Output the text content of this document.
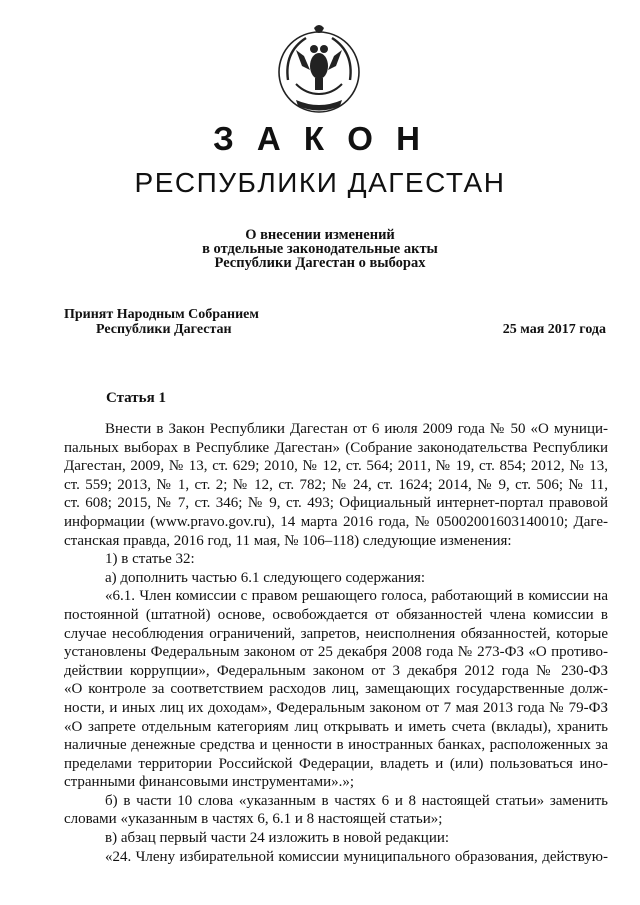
З А К О Н
РЕСПУБЛИКИ ДАГЕСТАН
О внесении изменений
в отдельные законодательные акты
Республики Дагестан о выборах
Принят Народным Собранием
Республики Дагестан	25 мая 2017 года
Статья 1
Внести в Закон Республики Дагестан от 6 июля 2009 года № 50 «О муници-
пальных выборах в Республике Дагестан» (Собрание законодательства Республики
Дагестан, 2009, № 13, ст. 629; 2010, № 12, ст. 564; 2011, № 19, ст. 854; 2012, № 13,
ст. 559; 2013, № 1, ст. 2; № 12, ст. 782; № 24, ст. 1624; 2014, № 9, ст. 506; № 11,
ст. 608; 2015, № 7, ст. 346; № 9, ст. 493; Официальный интернет-портал правовой
информации (www.pravo.gov.ru), 14 марта 2016 года, № 05002001603140010; Даге-
станская правда, 2016 год, 11 мая, № 106–118) следующие изменения:
1) в статье 32:
а) дополнить частью 6.1 следующего содержания:
«6.1. Член комиссии с правом решающего голоса, работающий в комиссии на
постоянной (штатной) основе, освобождается от обязанностей члена комиссии в
случае несоблюдения ограничений, запретов, неисполнения обязанностей, которые
установлены Федеральным законом от 25 декабря 2008 года № 273-ФЗ «О противо-
действии коррупции», Федеральным законом от 3 декабря 2012 года № 230-ФЗ
«О контроле за соответствием расходов лиц, замещающих государственные долж-
ности, и иных лиц их доходам», Федеральным законом от 7 мая 2013 года № 79-ФЗ
«О запрете отдельным категориям лиц открывать и иметь счета (вклады), хранить
наличные денежные средства и ценности в иностранных банках, расположенных за
пределами территории Российской Федерации, владеть и (или) пользоваться ино-
странными финансовыми инструментами».»;
б) в части 10 слова «указанным в частях 6 и 8 настоящей статьи» заменить
словами «указанным в частях 6, 6.1 и 8 настоящей статьи»;
в) абзац первый части 24 изложить в новой редакции:
«24. Члену избирательной комиссии муниципального образования, действую-
